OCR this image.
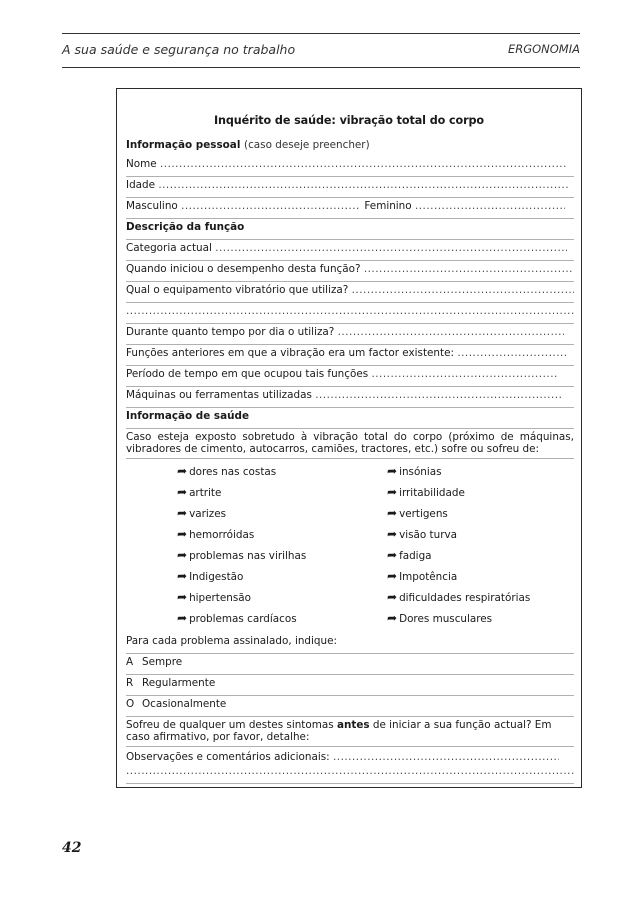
A sua saúde e segurança no trabalho	ERGONOMIA
Inquérito de saúde: vibração total do corpo
Informação pessoal (caso deseje preencher)
Nome .....
Idade .....
Masculino .....	Feminino .....
Descrição da função
Categoria actual .....
Quando iniciou o desempenho desta função? .....
Qual o equipamento vibratório que utiliza? .....
.....
Durante quanto tempo por dia o utiliza? .....
Funções anteriores em que a vibração era um factor existente: .....
Período de tempo em que ocupou tais funções .....
Máquinas ou ferramentas utilizadas .....
Informação de saúde
Caso esteja exposto sobretudo à vibração total do corpo (próximo de máquinas, vibradores de cimento, autocarros, camiões, tractores, etc.) sofre ou sofreu de:
➦ dores nas costas
➦ artrite
➦ varizes
➦ hemorróidas
➦ problemas nas virilhas
➦ Indigestão
➦ hipertensão
➦ problemas cardíacos
➦ insónias
➦ irritabilidade
➦ vertigens
➦ visão turva
➦ fadiga
➦ Impotência
➦ dificuldades respiratórias
➦ Dores musculares
Para cada problema assinalado, indique:
A Sempre
R Regularmente
O Ocasionalmente
Sofreu de qualquer um destes sintomas antes de iniciar a sua função actual? Em caso afirmativo, por favor, detalhe:
Observações e comentários adicionais: .....
.....
42
